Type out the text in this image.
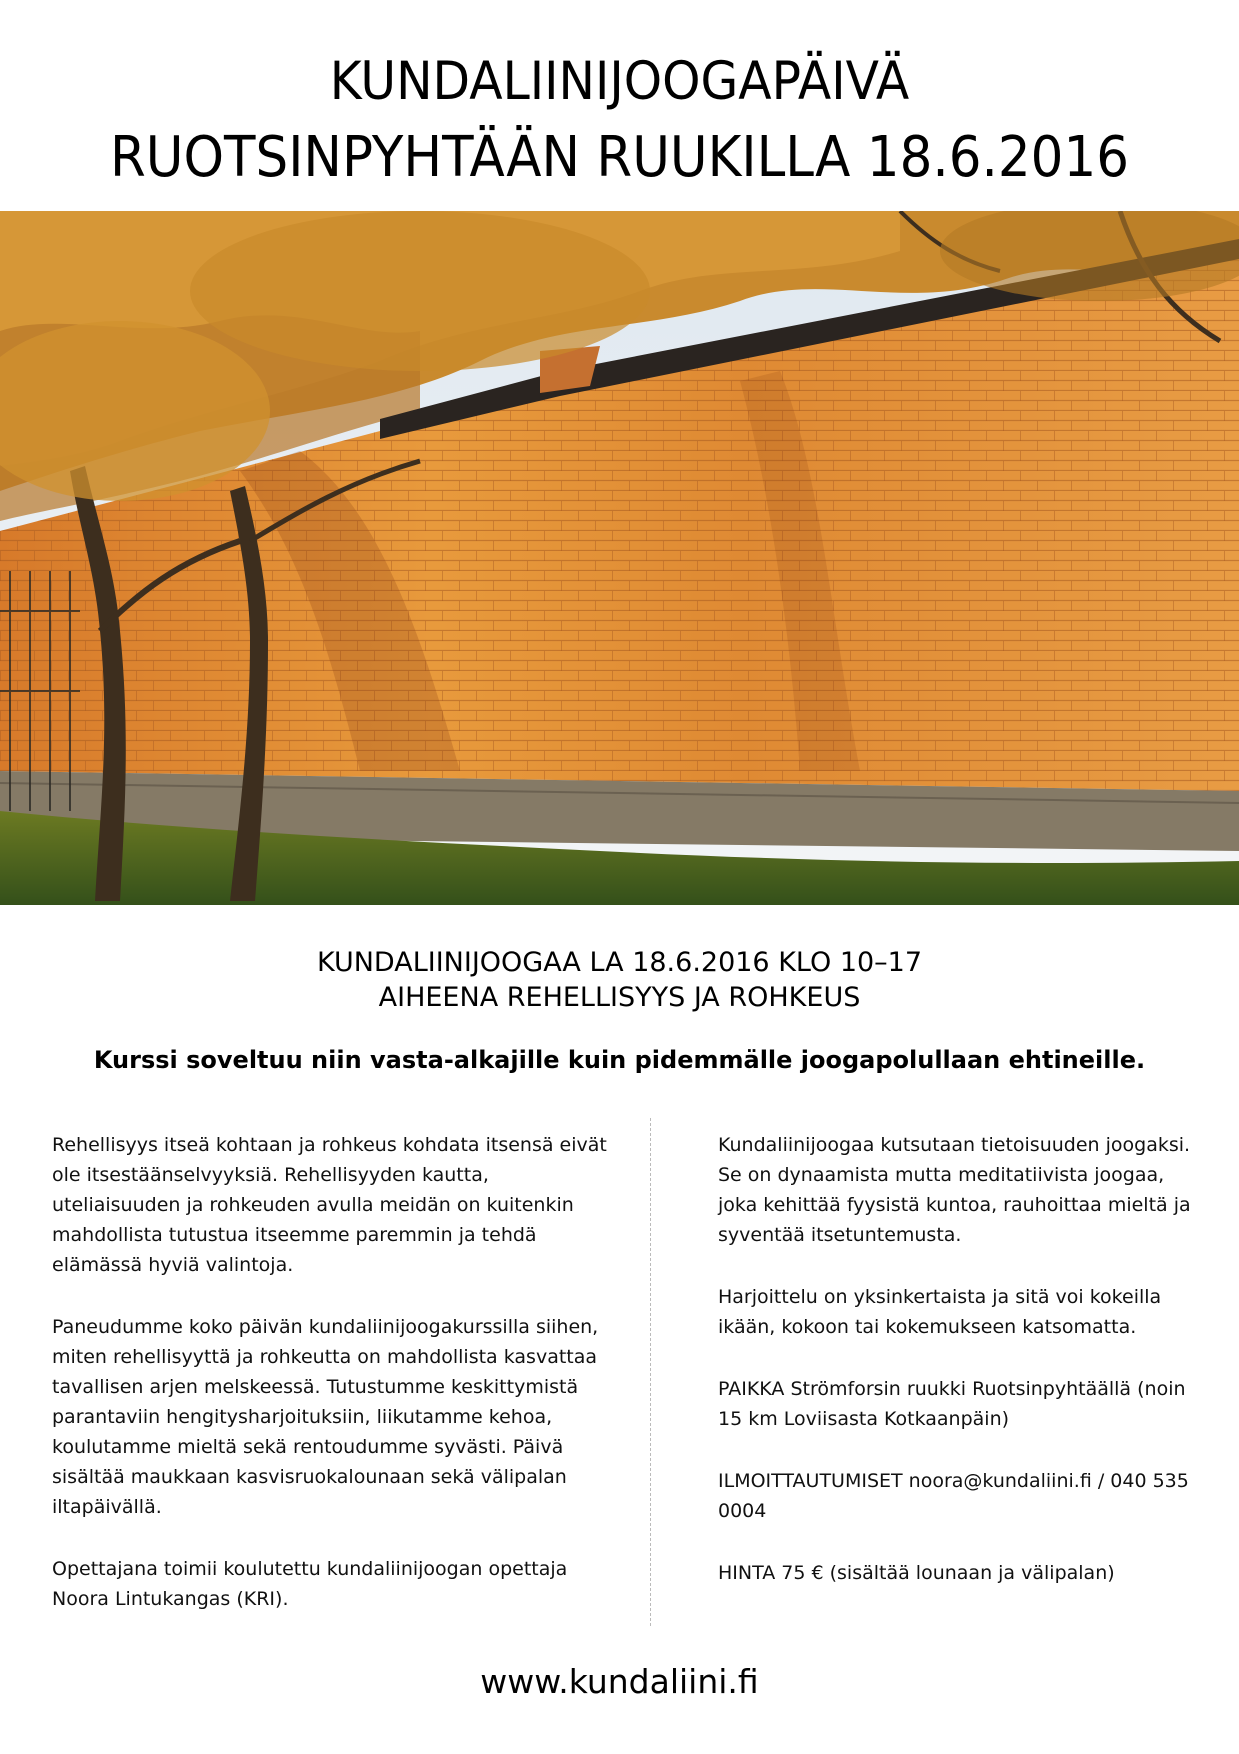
KUNDALIINIJOOGAPÄIVÄ
RUOTSINPYHTÄÄN RUUKILLA 18.6.2016
KUNDALIINIJOOGAA LA 18.6.2016 KLO 10–17
AIHEENA REHELLISYYS JA ROHKEUS
Kurssi soveltuu niin vasta-alkajille kuin pidemmälle joogapolullaan ehtineille.

Rehellisyys itseä kohtaan ja rohkeus kohdata itsensä eivät ole itsestäänselvyyksiä. Rehellisyyden kautta, uteliaisuuden ja rohkeuden avulla meidän on kuitenkin mahdollista tutustua itseemme paremmin ja tehdä elämässä hyviä valintoja.

Paneudumme koko päivän kundaliinijoogakurssilla siihen, miten rehellisyyttä ja rohkeutta on mahdollista kasvattaa tavallisen arjen melskeessä. Tutustumme keskittymistä parantaviin hengitysharjoituksiin, liikutamme kehoa, koulutamme mieltä sekä rentoudumme syvästi. Päivä sisältää maukkaan kasvisruokalounaan sekä välipalan iltapäivällä.

Opettajana toimii koulutettu kundaliinijoogan opettaja Noora Lintukangas (KRI).

Kundaliinijoogaa kutsutaan tietoisuuden joogaksi. Se on dynaamista mutta meditatiivista joogaa, joka kehittää fyysistä kuntoa, rauhoittaa mieltä ja syventää itsetuntemusta.

Harjoittelu on yksinkertaista ja sitä voi kokeilla ikään, kokoon tai kokemukseen katsomatta.

PAIKKA Strömforsin ruukki Ruotsinpyhtäällä (noin 15 km Loviisasta Kotkaanpäin)

ILMOITTAUTUMISET noora@kundaliini.fi / 040 535 0004

HINTA 75 € (sisältää lounaan ja välipalan)

www.kundaliini.fi
